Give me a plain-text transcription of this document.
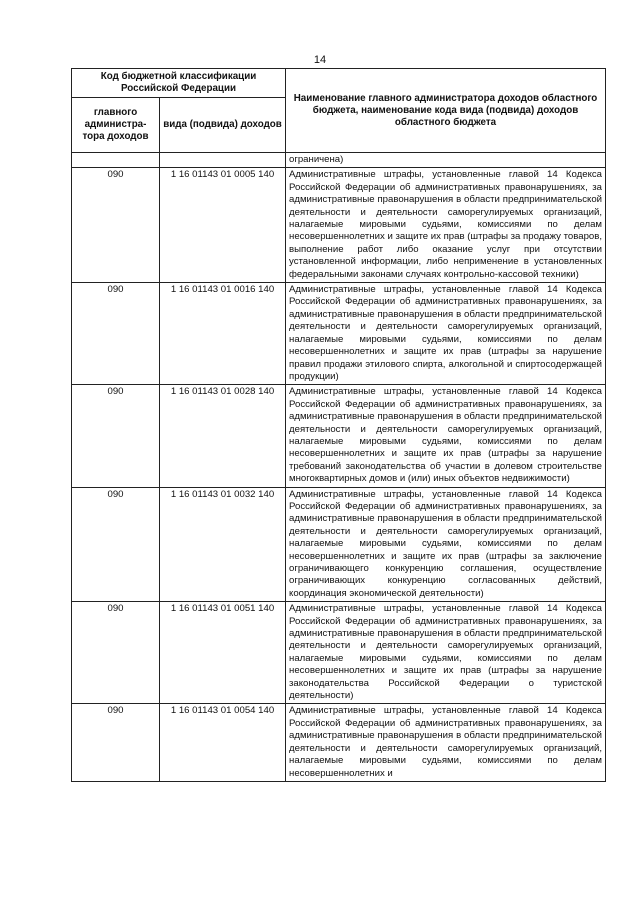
14
Код бюджетной классификации Российской Федерации		Наименование главного администратора доходов областного бюджета, наименование кода вида (подвида) доходов областного бюджета
главного администра-тора доходов	вида (подвида) доходов	
		ограничена)
090	1 16 01143 01 0005 140	Административные штрафы, установленные главой 14 Кодекса Российской Федерации об административных правонарушениях, за административные правонарушения в области предпринимательской деятельности и деятельности саморегулируемых организаций, налагаемые мировыми судьями, комиссиями по делам несовершеннолетних и защите их прав (штрафы за продажу товаров, выполнение работ либо оказание услуг при отсутствии установленной информации, либо неприменение в установленных федеральными законами случаях контрольно-кассовой техники)
090	1 16 01143 01 0016 140	Административные штрафы, установленные главой 14 Кодекса Российской Федерации об административных правонарушениях, за административные правонарушения в области предпринимательской деятельности и деятельности саморегулируемых организаций, налагаемые мировыми судьями, комиссиями по делам несовершеннолетних и защите их прав (штрафы за нарушение правил продажи этилового спирта, алкогольной и спиртосодержащей продукции)
090	1 16 01143 01 0028 140	Административные штрафы, установленные главой 14 Кодекса Российской Федерации об административных правонарушениях, за административные правонарушения в области предпринимательской деятельности и деятельности саморегулируемых организаций, налагаемые мировыми судьями, комиссиями по делам несовершеннолетних и защите их прав (штрафы за нарушение требований законодательства об участии в долевом строительстве многоквартирных домов и (или) иных объектов недвижимости)
090	1 16 01143 01 0032 140	Административные штрафы, установленные главой 14 Кодекса Российской Федерации об административных правонарушениях, за административные правонарушения в области предпринимательской деятельности и деятельности саморегулируемых организаций, налагаемые мировыми судьями, комиссиями по делам несовершеннолетних и защите их прав (штрафы за заключение ограничивающего конкуренцию соглашения, осуществление ограничивающих конкуренцию согласованных действий, координация экономической деятельности)
090	1 16 01143 01 0051 140	Административные штрафы, установленные главой 14 Кодекса Российской Федерации об административных правонарушениях, за административные правонарушения в области предпринимательской деятельности и деятельности саморегулируемых организаций, налагаемые мировыми судьями, комиссиями по делам несовершеннолетних и защите их прав (штрафы за нарушение законодательства Российской Федерации о туристской деятельности)
090	1 16 01143 01 0054 140	Административные штрафы, установленные главой 14 Кодекса Российской Федерации об административных правонарушениях, за административные правонарушения в области предпринимательской деятельности и деятельности саморегулируемых организаций, налагаемые мировыми судьями, комиссиями по делам несовершеннолетних и
